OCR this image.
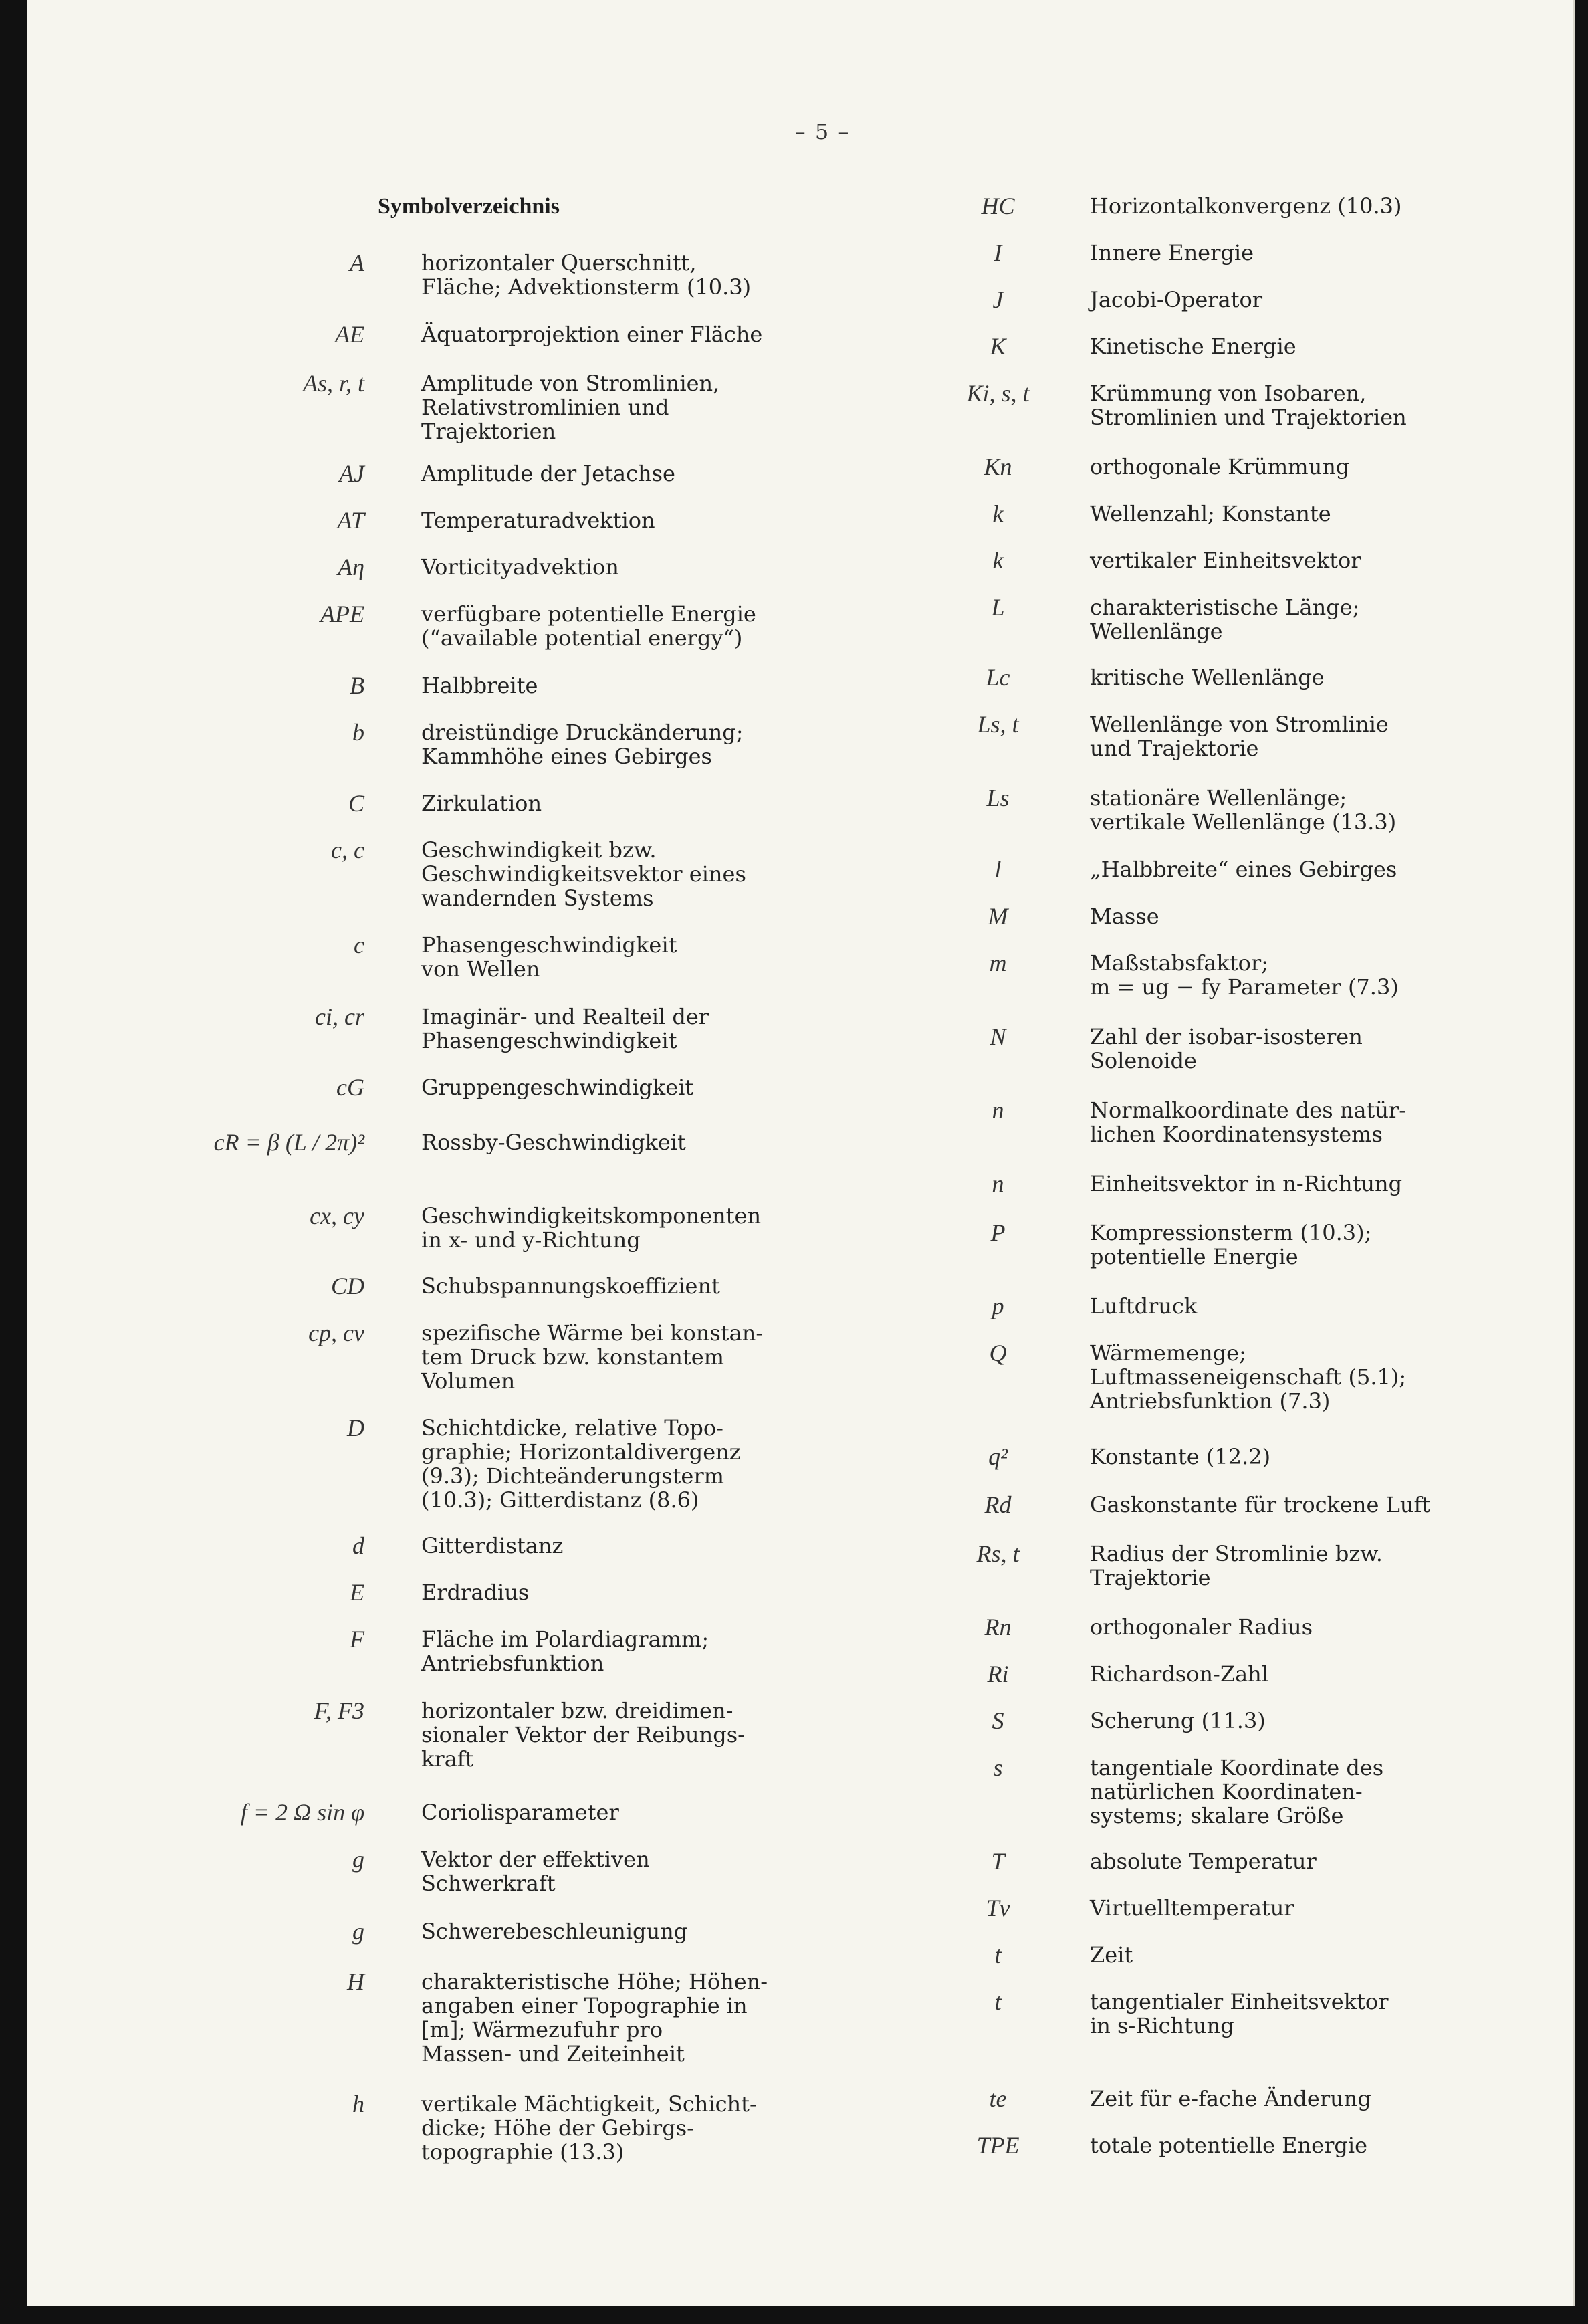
– 5 –
Symbolverzeichnis
A	horizontaler Querschnitt,
Fläche; Advektionsterm (10.3)
AE	Äquatorprojektion einer Fläche
As, r, t	Amplitude von Stromlinien,
Relativstromlinien und
Trajektorien
AJ	Amplitude der Jetachse
AT	Temperaturadvektion
Aη	Vorticityadvektion
APE	verfügbare potentielle Energie
(“available potential energy“)
B	Halbbreite
b	dreistündige Druckänderung;
Kammhöhe eines Gebirges
C	Zirkulation
c, c	Geschwindigkeit bzw.
Geschwindigkeitsvektor eines
wandernden Systems
c	Phasengeschwindigkeit
von Wellen
ci, cr	Imaginär- und Realteil der
Phasengeschwindigkeit
cG	Gruppengeschwindigkeit
cR = β (L / 2π)²	Rossby-Geschwindigkeit
cx, cy	Geschwindigkeitskomponenten
in x- und y-Richtung
CD	Schubspannungskoeffizient
cp, cv	spezifische Wärme bei konstan-
tem Druck bzw. konstantem
Volumen
D	Schichtdicke, relative Topo-
graphie; Horizontaldivergenz
(9.3); Dichteänderungsterm
(10.3); Gitterdistanz (8.6)
d	Gitterdistanz
E	Erdradius
F	Fläche im Polardiagramm;
Antriebsfunktion
F, F3	horizontaler bzw. dreidimen-
sionaler Vektor der Reibungs-
kraft
f = 2 Ω sin φ	Coriolisparameter
g	Vektor der effektiven
Schwerkraft
g	Schwerebeschleunigung
H	charakteristische Höhe; Höhen-
angaben einer Topographie in
[m]; Wärmezufuhr pro
Massen- und Zeiteinheit
h	vertikale Mächtigkeit, Schicht-
dicke; Höhe der Gebirgs-
topographie (13.3)
HC	Horizontalkonvergenz (10.3)
I	Innere Energie
J	Jacobi-Operator
K	Kinetische Energie
Ki, s, t	Krümmung von Isobaren,
Stromlinien und Trajektorien
Kn	orthogonale Krümmung
k	Wellenzahl; Konstante
k	vertikaler Einheitsvektor
L	charakteristische Länge;
Wellenlänge
Lc	kritische Wellenlänge
Ls, t	Wellenlänge von Stromlinie
und Trajektorie
Ls	stationäre Wellenlänge;
vertikale Wellenlänge (13.3)
l	„Halbbreite“ eines Gebirges
M	Masse
m	Maßstabsfaktor;
m = ug − fy Parameter (7.3)
N	Zahl der isobar-isosteren
Solenoide
n	Normalkoordinate des natür-
lichen Koordinatensystems
n	Einheitsvektor in n-Richtung
P	Kompressionsterm (10.3);
potentielle Energie
p	Luftdruck
Q	Wärmemenge;
Luftmasseneigenschaft (5.1);
Antriebsfunktion (7.3)
q²	Konstante (12.2)
Rd	Gaskonstante für trockene Luft
Rs, t	Radius der Stromlinie bzw.
Trajektorie
Rn	orthogonaler Radius
Ri	Richardson-Zahl
S	Scherung (11.3)
s	tangentiale Koordinate des
natürlichen Koordinaten-
systems; skalare Größe
T	absolute Temperatur
Tv	Virtuelltemperatur
t	Zeit
t	tangentialer Einheitsvektor
in s-Richtung
te	Zeit für e-fache Änderung
TPE	totale potentielle Energie
